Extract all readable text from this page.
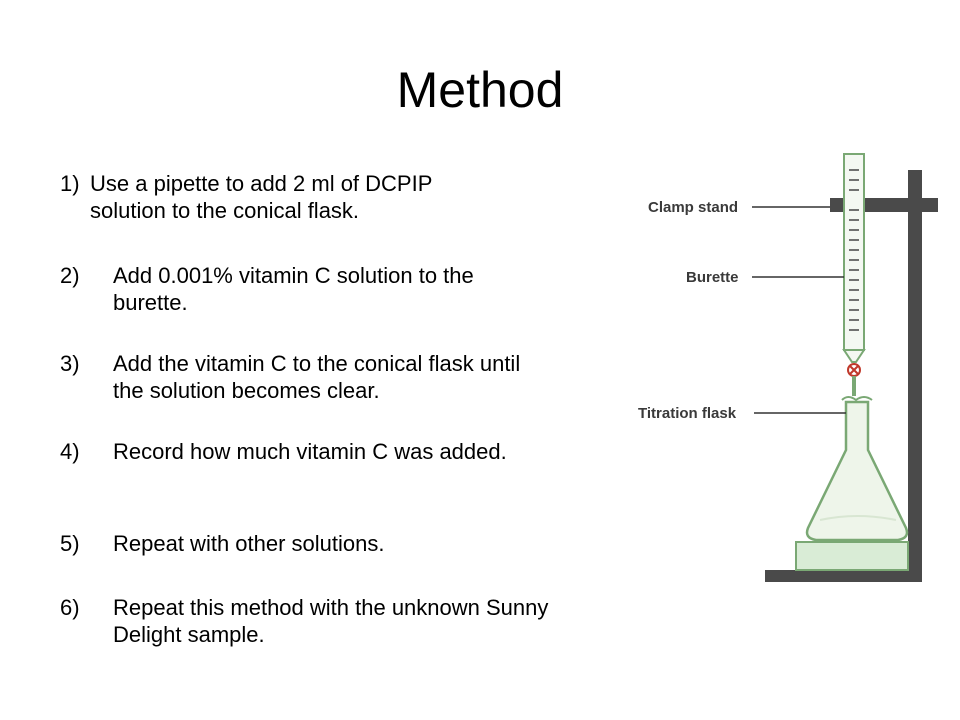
Method
1) Use a pipette to add 2 ml of DCPIP solution to the conical flask.
2) Add 0.001% vitamin C solution to the burette.
3) Add the vitamin C to the conical flask until the solution becomes clear.
4) Record how much vitamin C was added.
5) Repeat with other solutions.
6) Repeat this method with the unknown Sunny Delight sample.
Clamp stand
Burette
Titration flask
